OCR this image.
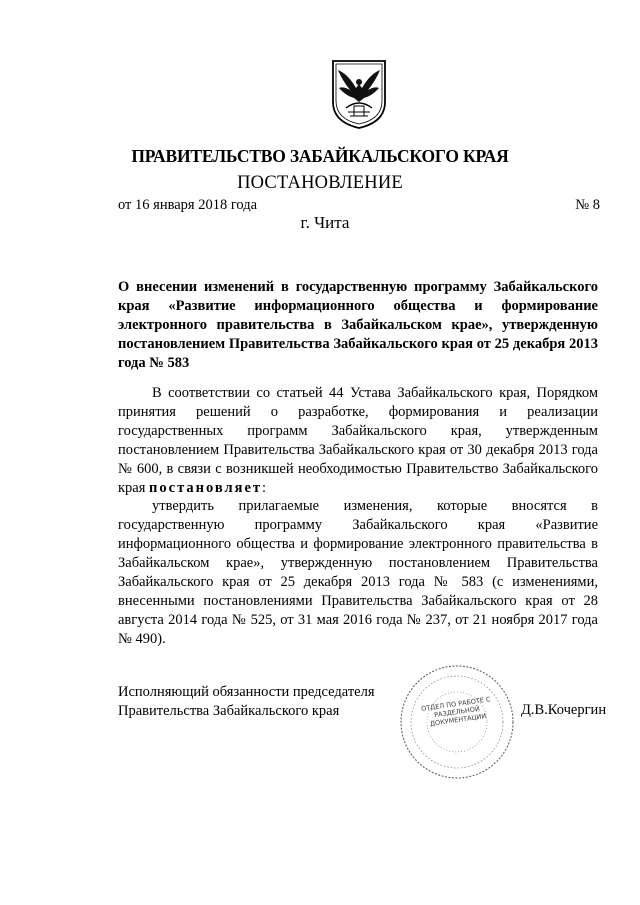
ПРАВИТЕЛЬСТВО ЗАБАЙКАЛЬСКОГО КРАЯ
ПОСТАНОВЛЕНИЕ
от 16 января 2018 года	№ 8
г. Чита

О внесении изменений в государственную программу Забайкальского края «Развитие информационного общества и формирование электронного правительства в Забайкальском крае», утвержденную постановлением Правительства Забайкальского края от 25 декабря 2013 года № 583

В соответствии со статьей 44 Устава Забайкальского края, Порядком принятия решений о разработке, формирования и реализации государственных программ Забайкальского края, утвержденным постановлением Правительства Забайкальского края от 30 декабря 2013 года № 600, в связи с возникшей необходимостью Правительство Забайкальского края постановляет:

утвердить прилагаемые изменения, которые вносятся в государственную программу Забайкальского края «Развитие информационного общества и формирование электронного правительства в Забайкальском крае», утвержденную постановлением Правительства Забайкальского края от 25 декабря 2013 года № 583 (с изменениями, внесенными постановлениями Правительства Забайкальского края от 28 августа 2014 года № 525, от 31 мая 2016 года № 237, от 21 ноября 2017 года № 490).

Исполняющий обязанности председателя
Правительства Забайкальского края	ОТДЕЛ ПО РАБОТЕ С РАЗДЕЛЬНОЙ ДОКУМЕНТАЦИИ
Д.В.Кочергин
